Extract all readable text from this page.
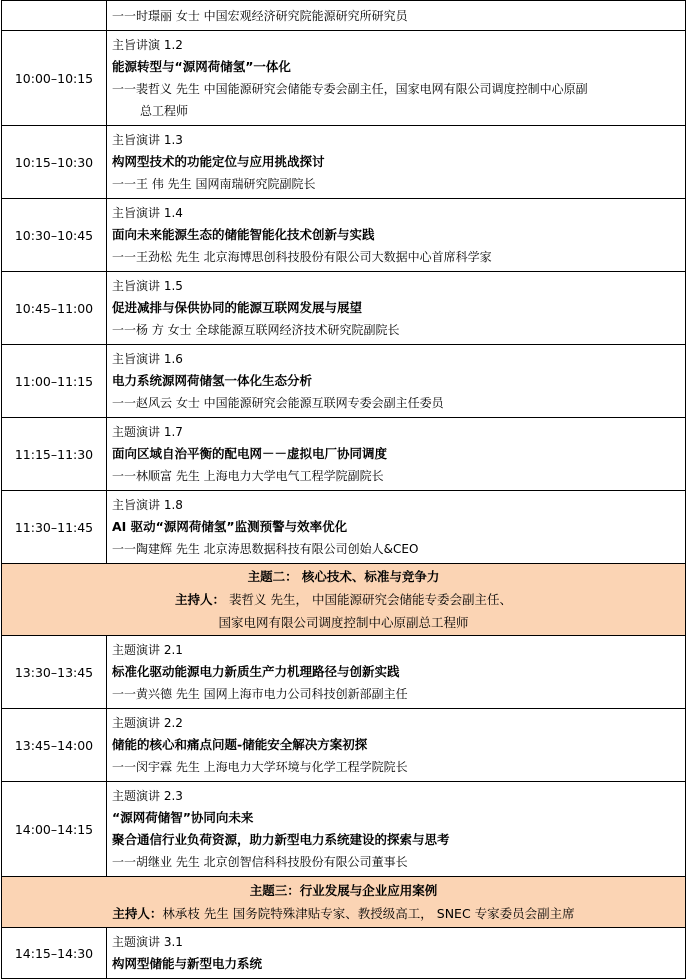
	一一时璟丽 女士 中国宏观经济研究院能源研究所研究员

10:00–10:15	主旨讲演 1.2
能源转型与“源网荷储氢”一体化
一一裴哲义 先生 中国能源研究会储能专委会副主任，国家电网有限公司调度控制中心原副
总工程师

10:15–10:30	主旨演讲 1.3
构网型技术的功能定位与应用挑战探讨
一一王 伟 先生 国网南瑞研究院副院长

10:30–10:45	主旨演讲 1.4
面向未来能源生态的储能智能化技术创新与实践
一一王劲松 先生 北京海博思创科技股份有限公司大数据中心首席科学家

10:45–11:00	主旨演讲 1.5
促进减排与保供协同的能源互联网发展与展望
一一杨 方 女士 全球能源互联网经济技术研究院副院长

11:00–11:15	主旨演讲 1.6
电力系统源网荷储氢一体化生态分析
一一赵风云 女士 中国能源研究会能源互联网专委会副主任委员

11:15–11:30	主题演讲 1.7
面向区域自治平衡的配电网－－虚拟电厂协同调度
一一林顺富 先生 上海电力大学电气工程学院副院长

11:30–11:45	主旨演讲 1.8
AI 驱动“源网荷储氢”监测预警与效率优化
一一陶建辉 先生 北京涛思数据科技有限公司创始人&CEO

主题二： 核心技术、标准与竞争力
主持人： 裴哲义 先生， 中国能源研究会储能专委会副主任、
国家电网有限公司调度控制中心原副总工程师	

13:30–13:45	主题演讲 2.1
标准化驱动能源电力新质生产力机理路径与创新实践
一一黄兴德 先生 国网上海市电力公司科技创新部副主任

13:45–14:00	主题演讲 2.2
储能的核心和痛点问题-储能安全解决方案初探
一一闵宇霖 先生 上海电力大学环境与化学工程学院院长

14:00–14:15	主题演讲 2.3
“源网荷储智”协同向未来
聚合通信行业负荷资源，助力新型电力系统建设的探索与思考
一一胡继业 先生 北京创智信科科技股份有限公司董事长

主题三：行业发展与企业应用案例
主持人：林承枝 先生 国务院特殊津贴专家、教授级高工， SNEC 专家委员会副主席	

14:15–14:30	主题演讲 3.1
构网型储能与新型电力系统
